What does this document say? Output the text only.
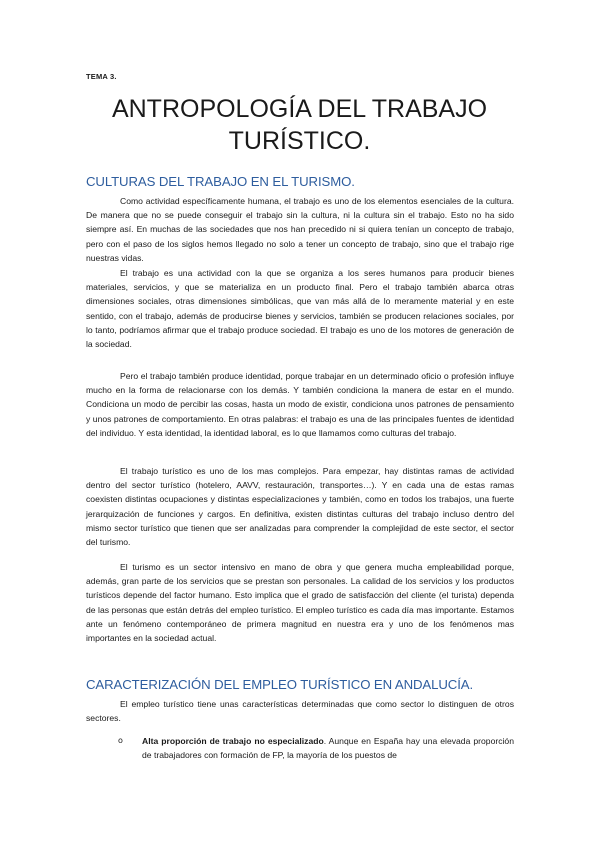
TEMA 3.
ANTROPOLOGÍA DEL TRABAJO
TURÍSTICO.
CULTURAS DEL TRABAJO EN EL TURISMO.

Como actividad específicamente humana, el trabajo es uno de los elementos esenciales de la cultura. De manera que no se puede conseguir el trabajo sin la cultura, ni la cultura sin el trabajo. Esto no ha sido siempre así. En muchas de las sociedades que nos han precedido ni si quiera tenían un concepto de trabajo, pero con el paso de los siglos hemos llegado no solo a tener un concepto de trabajo, sino que el trabajo rige nuestras vidas.

El trabajo es una actividad con la que se organiza a los seres humanos para producir bienes materiales, servicios, y que se materializa en un producto final. Pero el trabajo también abarca otras dimensiones sociales, otras dimensiones simbólicas, que van más allá de lo meramente material y en este sentido, con el trabajo, además de producirse bienes y servicios, también se producen relaciones sociales, por lo tanto, podríamos afirmar que el trabajo produce sociedad. El trabajo es uno de los motores de generación de la sociedad.

Pero el trabajo también produce identidad, porque trabajar en un determinado oficio o profesión influye mucho en la forma de relacionarse con los demás. Y también condiciona la manera de estar en el mundo. Condiciona un modo de percibir las cosas, hasta un modo de existir, condiciona unos patrones de pensamiento y unos patrones de comportamiento. En otras palabras: el trabajo es una de las principales fuentes de identidad del individuo. Y esta identidad, la identidad laboral, es lo que llamamos como culturas del trabajo.

El trabajo turístico es uno de los mas complejos. Para empezar, hay distintas ramas de actividad dentro del sector turístico (hotelero, AAVV, restauración, transportes…). Y en cada una de estas ramas coexisten distintas ocupaciones y distintas especializaciones y también, como en todos los trabajos, una fuerte jerarquización de funciones y cargos. En definitiva, existen distintas culturas del trabajo incluso dentro del mismo sector turístico que tienen que ser analizadas para comprender la complejidad de este sector, el sector del turismo.

El turismo es un sector intensivo en mano de obra y que genera mucha empleabilidad porque, además, gran parte de los servicios que se prestan son personales. La calidad de los servicios y los productos turísticos depende del factor humano. Esto implica que el grado de satisfacción del cliente (el turista) dependa de las personas que están detrás del empleo turístico. El empleo turístico es cada día mas importante. Estamos ante un fenómeno contemporáneo de primera magnitud en nuestra era y uno de los fenómenos mas importantes en la sociedad actual.

CARACTERIZACIÓN DEL EMPLEO TURÍSTICO EN ANDALUCÍA.

El empleo turístico tiene unas características determinadas que como sector lo distinguen de otros sectores.

o Alta proporción de trabajo no especializado. Aunque en España hay una elevada proporción de trabajadores con formación de FP, la mayoría de los puestos de
